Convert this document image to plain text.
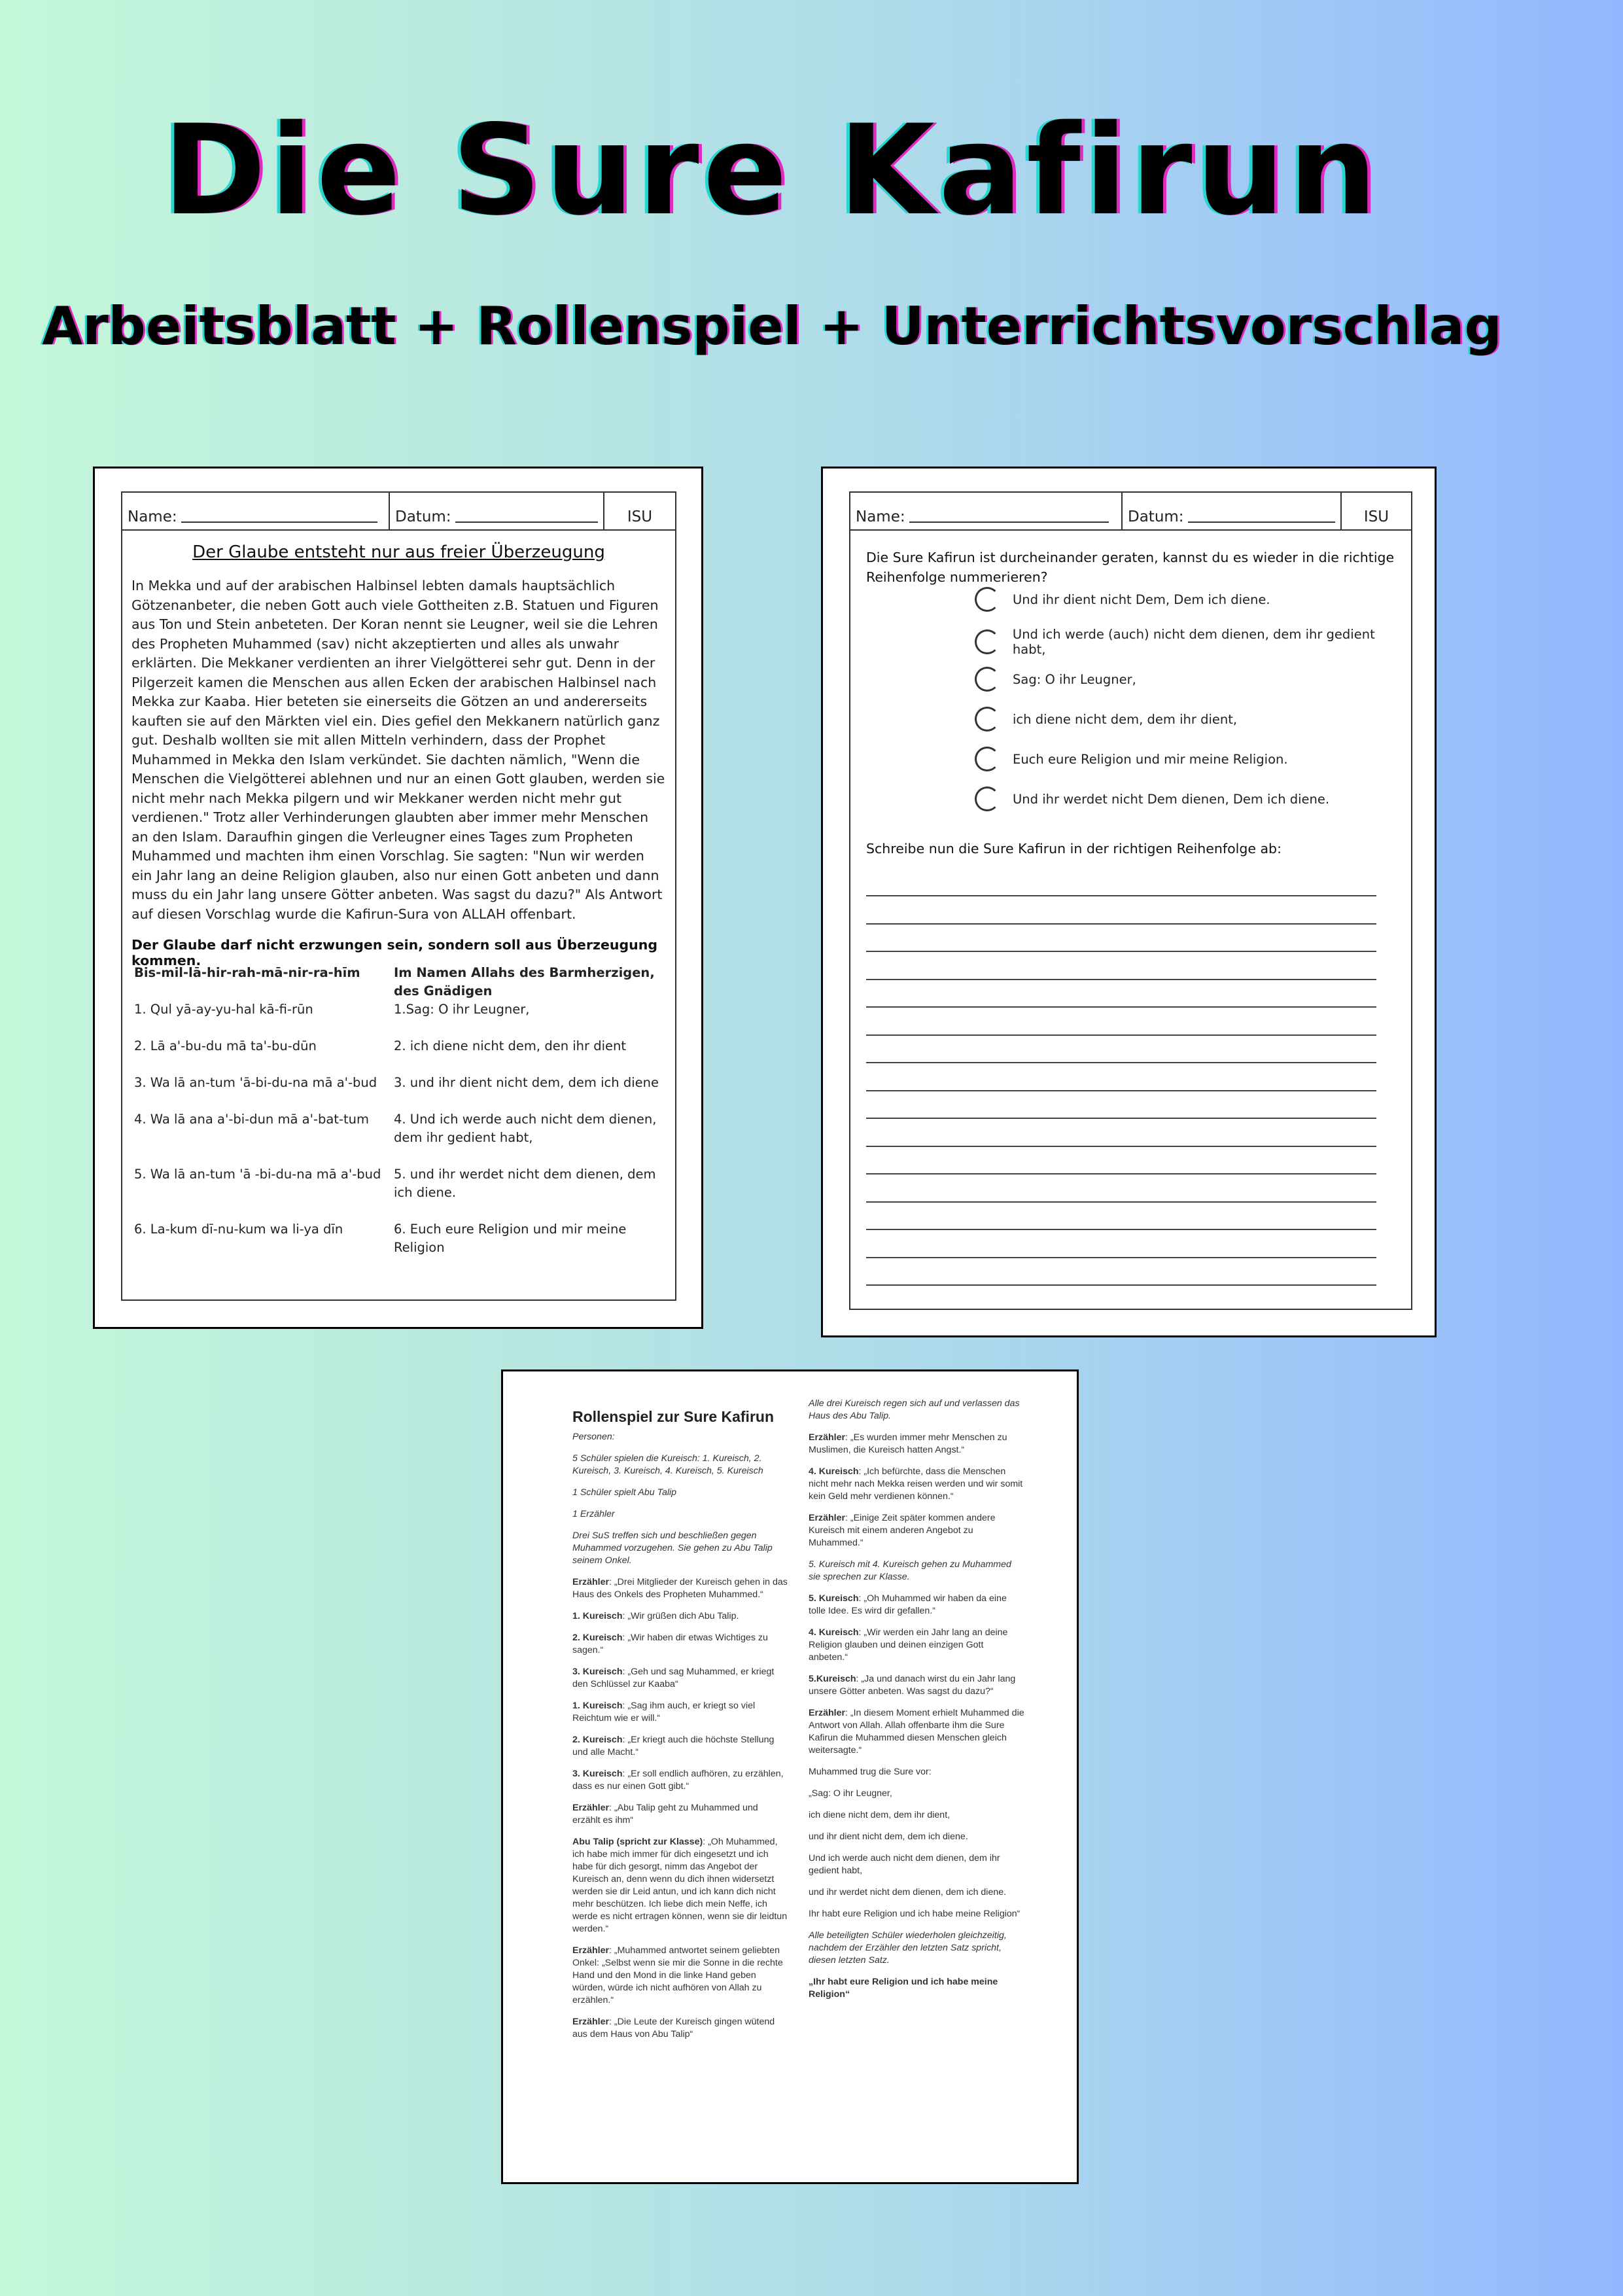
Die Sure Kafirun
Arbeitsblatt + Rollenspiel + Unterrichtsvorschlag
Name:	Datum:	ISU
Der Glaube entsteht nur aus freier Überzeugung
In Mekka und auf der arabischen Halbinsel lebten damals hauptsächlich Götzenanbeter, die neben Gott auch viele Gottheiten z.B. Statuen und Figuren aus Ton und Stein anbeteten. Der Koran nennt sie Leugner, weil sie die Lehren des Propheten Muhammed (sav) nicht akzeptierten und alles als unwahr erklärten. Die Mekkaner verdienten an ihrer Vielgötterei sehr gut. Denn in der Pilgerzeit kamen die Menschen aus allen Ecken der arabischen Halbinsel nach Mekka zur Kaaba. Hier beteten sie einerseits die Götzen an und andererseits kauften sie auf den Märkten viel ein. Dies gefiel den Mekkanern natürlich ganz gut. Deshalb wollten sie mit allen Mitteln verhindern, dass der Prophet Muhammed in Mekka den Islam verkündet. Sie dachten nämlich, "Wenn die Menschen die Vielgötterei ablehnen und nur an einen Gott glauben, werden sie nicht mehr nach Mekka pilgern und wir Mekkaner werden nicht mehr gut verdienen." Trotz aller Verhinderungen glaubten aber immer mehr Menschen an den Islam. Daraufhin gingen die Verleugner eines Tages zum Propheten Muhammed und machten ihm einen Vorschlag. Sie sagten: "Nun wir werden ein Jahr lang an deine Religion glauben, also nur einen Gott anbeten und dann muss du ein Jahr lang unsere Götter anbeten. Was sagst du dazu?" Als Antwort auf diesen Vorschlag wurde die Kafirun-Sura von ALLAH offenbart.
Der Glaube darf nicht erzwungen sein, sondern soll aus Überzeugung kommen.
Bis-mil-lā-hir-rah-mā-nir-ra-hīm	Im Namen Allahs des Barmherzigen, des Gnädigen
1. Qul yā-ay-yu-hal kā-fi-rūn	1.Sag: O ihr Leugner,
2. Lā a'-bu-du mā ta'-bu-dūn	2. ich diene nicht dem, den ihr dient
3. Wa lā an-tum 'ā-bi-du-na mā a'-bud	3. und ihr dient nicht dem, dem ich diene
4. Wa lā ana a'-bi-dun mā a'-bat-tum	4. Und ich werde auch nicht dem dienen, dem ihr gedient habt,
5. Wa lā an-tum 'ā -bi-du-na mā a'-bud	5. und ihr werdet nicht dem dienen, dem ich diene.
6. La-kum dī-nu-kum wa li-ya dīn	6. Euch eure Religion und mir meine Religion
Name:	Datum:	ISU
Die Sure Kafirun ist durcheinander geraten, kannst du es wieder in die richtige Reihenfolge nummerieren?
Und ihr dient nicht Dem, Dem ich diene.
Und ich werde (auch) nicht dem dienen, dem ihr gedient habt,
Sag: O ihr Leugner,
ich diene nicht dem, dem ihr dient,
Euch eure Religion und mir meine Religion.
Und ihr werdet nicht Dem dienen, Dem ich diene.
Schreibe nun die Sure Kafirun in der richtigen Reihenfolge ab:
Rollenspiel zur Sure Kafirun

Personen:

5 Schüler spielen die Kureisch: 1. Kureisch, 2. Kureisch, 3. Kureisch, 4. Kureisch, 5. Kureisch

1 Schüler spielt Abu Talip

1 Erzähler

Drei SuS treffen sich und beschließen gegen Muhammed vorzugehen. Sie gehen zu Abu Talip seinem Onkel.

Erzähler: „Drei Mitglieder der Kureisch gehen in das Haus des Onkels des Propheten Muhammed.“

1. Kureisch: „Wir grüßen dich Abu Talip.

2. Kureisch: „Wir haben dir etwas Wichtiges zu sagen.“

3. Kureisch: „Geh und sag Muhammed, er kriegt den Schlüssel zur Kaaba“

1. Kureisch: „Sag ihm auch, er kriegt so viel Reichtum wie er will.“

2. Kureisch: „Er kriegt auch die höchste Stellung und alle Macht.“

3. Kureisch: „Er soll endlich aufhören, zu erzählen, dass es nur einen Gott gibt.“

Erzähler: „Abu Talip geht zu Muhammed und erzählt es ihm“

Abu Talip (spricht zur Klasse): „Oh Muhammed, ich habe mich immer für dich eingesetzt und ich habe für dich gesorgt, nimm das Angebot der Kureisch an, denn wenn du dich ihnen widersetzt werden sie dir Leid antun, und ich kann dich nicht mehr beschützen. Ich liebe dich mein Neffe, ich werde es nicht ertragen können, wenn sie dir leidtun werden.“

Erzähler: „Muhammed antwortet seinem geliebten Onkel: „Selbst wenn sie mir die Sonne in die rechte Hand und den Mond in die linke Hand geben würden, würde ich nicht aufhören von Allah zu erzählen.“

Erzähler: „Die Leute der Kureisch gingen wütend aus dem Haus von Abu Talip“

Alle drei Kureisch regen sich auf und verlassen das Haus des Abu Talip.

Erzähler: „Es wurden immer mehr Menschen zu Muslimen, die Kureisch hatten Angst.“

4. Kureisch: „Ich befürchte, dass die Menschen nicht mehr nach Mekka reisen werden und wir somit kein Geld mehr verdienen können.“

Erzähler: „Einige Zeit später kommen andere Kureisch mit einem anderen Angebot zu Muhammed.“

5. Kureisch mit 4. Kureisch gehen zu Muhammed sie sprechen zur Klasse.

5. Kureisch: „Oh Muhammed wir haben da eine tolle Idee. Es wird dir gefallen.“

4. Kureisch: „Wir werden ein Jahr lang an deine Religion glauben und deinen einzigen Gott anbeten.“

5.Kureisch: „Ja und danach wirst du ein Jahr lang unsere Götter anbeten. Was sagst du dazu?“

Erzähler: „In diesem Moment erhielt Muhammed die Antwort von Allah. Allah offenbarte ihm die Sure Kafirun die Muhammed diesen Menschen gleich weitersagte.“

Muhammed trug die Sure vor:

„Sag: O ihr Leugner,

ich diene nicht dem, dem ihr dient,

und ihr dient nicht dem, dem ich diene.

Und ich werde auch nicht dem dienen, dem ihr gedient habt,

und ihr werdet nicht dem dienen, dem ich diene.

Ihr habt eure Religion und ich habe meine Religion“

Alle beteiligten Schüler wiederholen gleichzeitig, nachdem der Erzähler den letzten Satz spricht, diesen letzten Satz.

„Ihr habt eure Religion und ich habe meine Religion“
